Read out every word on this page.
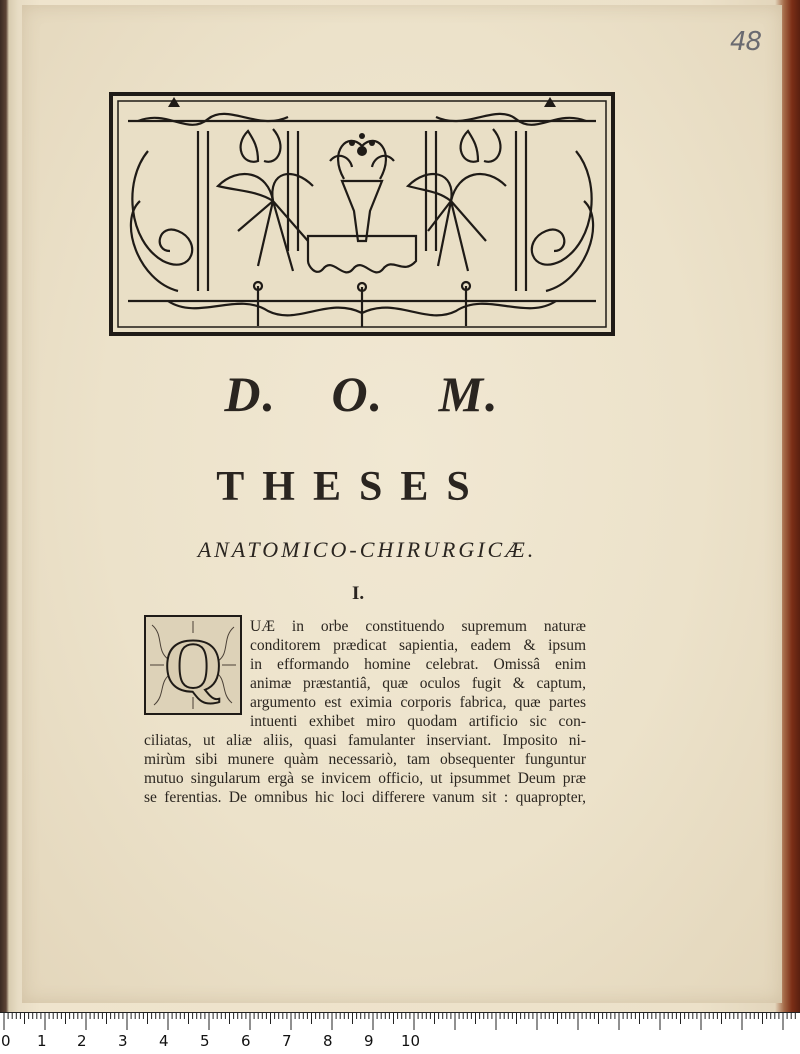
48
D. O. M.
THESES
ANATOMICO-CHIRURGICÆ.
I.
Q	UÆ in orbe constituendo supremum naturæ
conditorem prædicat sapientia, eadem & ipsum
in efformando homine celebrat. Omissâ enim
animæ præstantiâ, quæ oculos fugit & captum,
argumento est eximia corporis fabrica, quæ partes
intuenti exhibet miro quodam artificio sic con-
ciliatas, ut aliæ aliis, quasi famulanter inserviant. Imposito ni-
mirùm sibi munere quàm necessariò, tam obsequenter funguntur
mutuo singularum ergà se invicem officio, ut ipsummet Deum præ
se ferentias. De omnibus hic loci differere vanum sit : quapropter,
0 1 2 3 4 5 6 7 8 9 10
